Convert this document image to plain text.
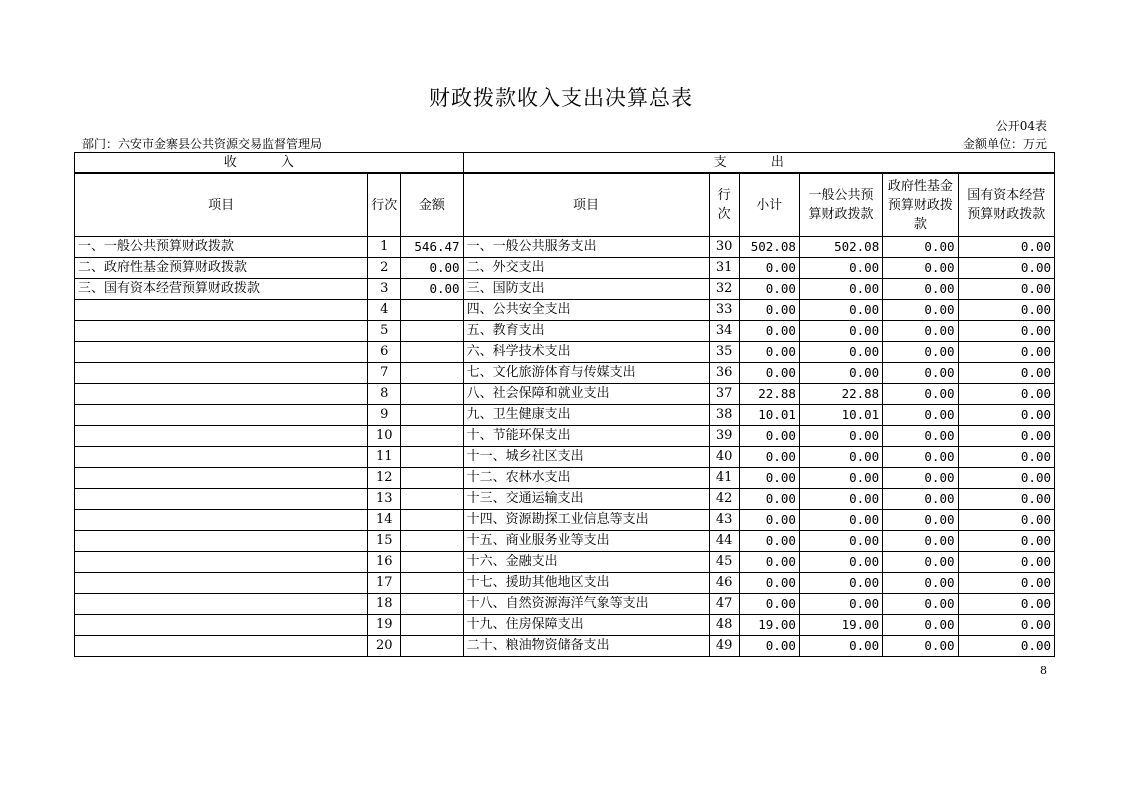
财政拨款收入支出决算总表
公开04表
部门：六安市金寨县公共资源交易监督管理局	金额单位：万元
收 入			支 出					
项目	行次	金额	项目	行次	小计	一般公共预算财政拨款	政府性基金预算财政拨款	国有资本经营预算财政拨款
一、一般公共预算财政拨款	1	546.47	一、一般公共服务支出	30	502.08	502.08	0.00	0.00
二、政府性基金预算财政拨款	2	0.00	二、外交支出	31	0.00	0.00	0.00	0.00
三、国有资本经营预算财政拨款	3	0.00	三、国防支出	32	0.00	0.00	0.00	0.00
	4		四、公共安全支出	33	0.00	0.00	0.00	0.00
	5		五、教育支出	34	0.00	0.00	0.00	0.00
	6		六、科学技术支出	35	0.00	0.00	0.00	0.00
	7		七、文化旅游体育与传媒支出	36	0.00	0.00	0.00	0.00
	8		八、社会保障和就业支出	37	22.88	22.88	0.00	0.00
	9		九、卫生健康支出	38	10.01	10.01	0.00	0.00
	10		十、节能环保支出	39	0.00	0.00	0.00	0.00
	11		十一、城乡社区支出	40	0.00	0.00	0.00	0.00
	12		十二、农林水支出	41	0.00	0.00	0.00	0.00
	13		十三、交通运输支出	42	0.00	0.00	0.00	0.00
	14		十四、资源勘探工业信息等支出	43	0.00	0.00	0.00	0.00
	15		十五、商业服务业等支出	44	0.00	0.00	0.00	0.00
	16		十六、金融支出	45	0.00	0.00	0.00	0.00
	17		十七、援助其他地区支出	46	0.00	0.00	0.00	0.00
	18		十八、自然资源海洋气象等支出	47	0.00	0.00	0.00	0.00
	19		十九、住房保障支出	48	19.00	19.00	0.00	0.00
	20		二十、粮油物资储备支出	49	0.00	0.00	0.00	0.00
8
